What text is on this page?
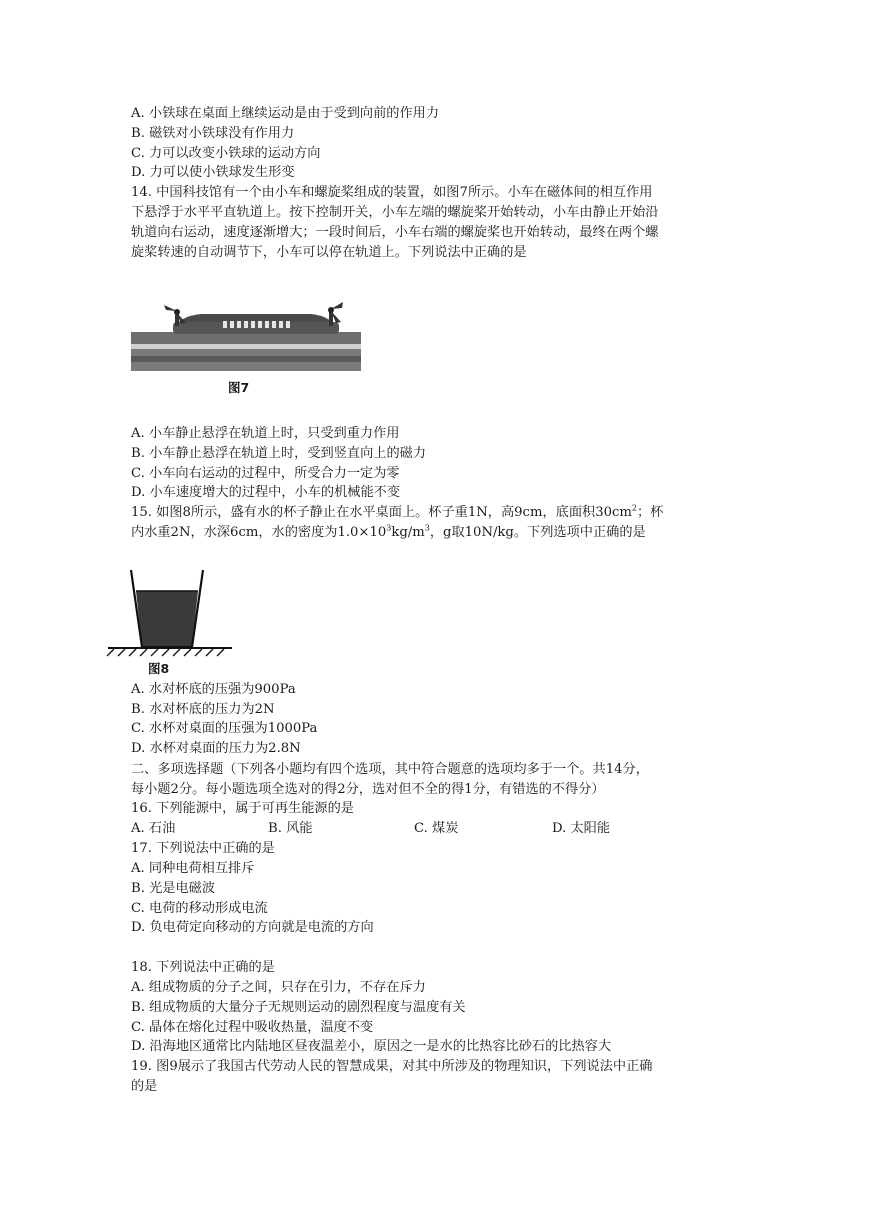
A. 小铁球在桌面上继续运动是由于受到向前的作用力
B. 磁铁对小铁球没有作用力
C. 力可以改变小铁球的运动方向
D. 力可以使小铁球发生形变
14. 中国科技馆有一个由小车和螺旋桨组成的装置，如图7所示。小车在磁体间的相互作用
下悬浮于水平平直轨道上。按下控制开关，小车左端的螺旋桨开始转动，小车由静止开始沿
轨道向右运动，速度逐渐增大；一段时间后，小车右端的螺旋桨也开始转动，最终在两个螺
旋桨转速的自动调节下，小车可以停在轨道上。下列说法中正确的是
图7
A. 小车静止悬浮在轨道上时，只受到重力作用
B. 小车静止悬浮在轨道上时，受到竖直向上的磁力
C. 小车向右运动的过程中，所受合力一定为零
D. 小车速度增大的过程中，小车的机械能不变
15. 如图8所示，盛有水的杯子静止在水平桌面上。杯子重1N，高9cm，底面积$30cm^2$；杯
内水重2N，水深6cm，水的密度为$1.0\times 10^3kg/m^3$，g取10N/kg。下列选项中正确的是
图8
A. 水对杯底的压强为900Pa
B. 水对杯底的压力为2N
C. 水杯对桌面的压强为1000Pa
D. 水杯对桌面的压力为2.8N
二、多项选择题（下列各小题均有四个选项，其中符合题意的选项均多于一个。共14分，
每小题2分。每小题选项全选对的得2分，选对但不全的得1分，有错选的不得分）
16. 下列能源中，属于可再生能源的是
A. 石油	B. 风能	C. 煤炭	D. 太阳能
17. 下列说法中正确的是
A. 同种电荷相互排斥
B. 光是电磁波
C. 电荷的移动形成电流
D. 负电荷定向移动的方向就是电流的方向
18. 下列说法中正确的是
A. 组成物质的分子之间，只存在引力，不存在斥力
B. 组成物质的大量分子无规则运动的剧烈程度与温度有关
C. 晶体在熔化过程中吸收热量，温度不变
D. 沿海地区通常比内陆地区昼夜温差小，原因之一是水的比热容比砂石的比热容大
19. 图9展示了我国古代劳动人民的智慧成果，对其中所涉及的物理知识，下列说法中正确
的是
